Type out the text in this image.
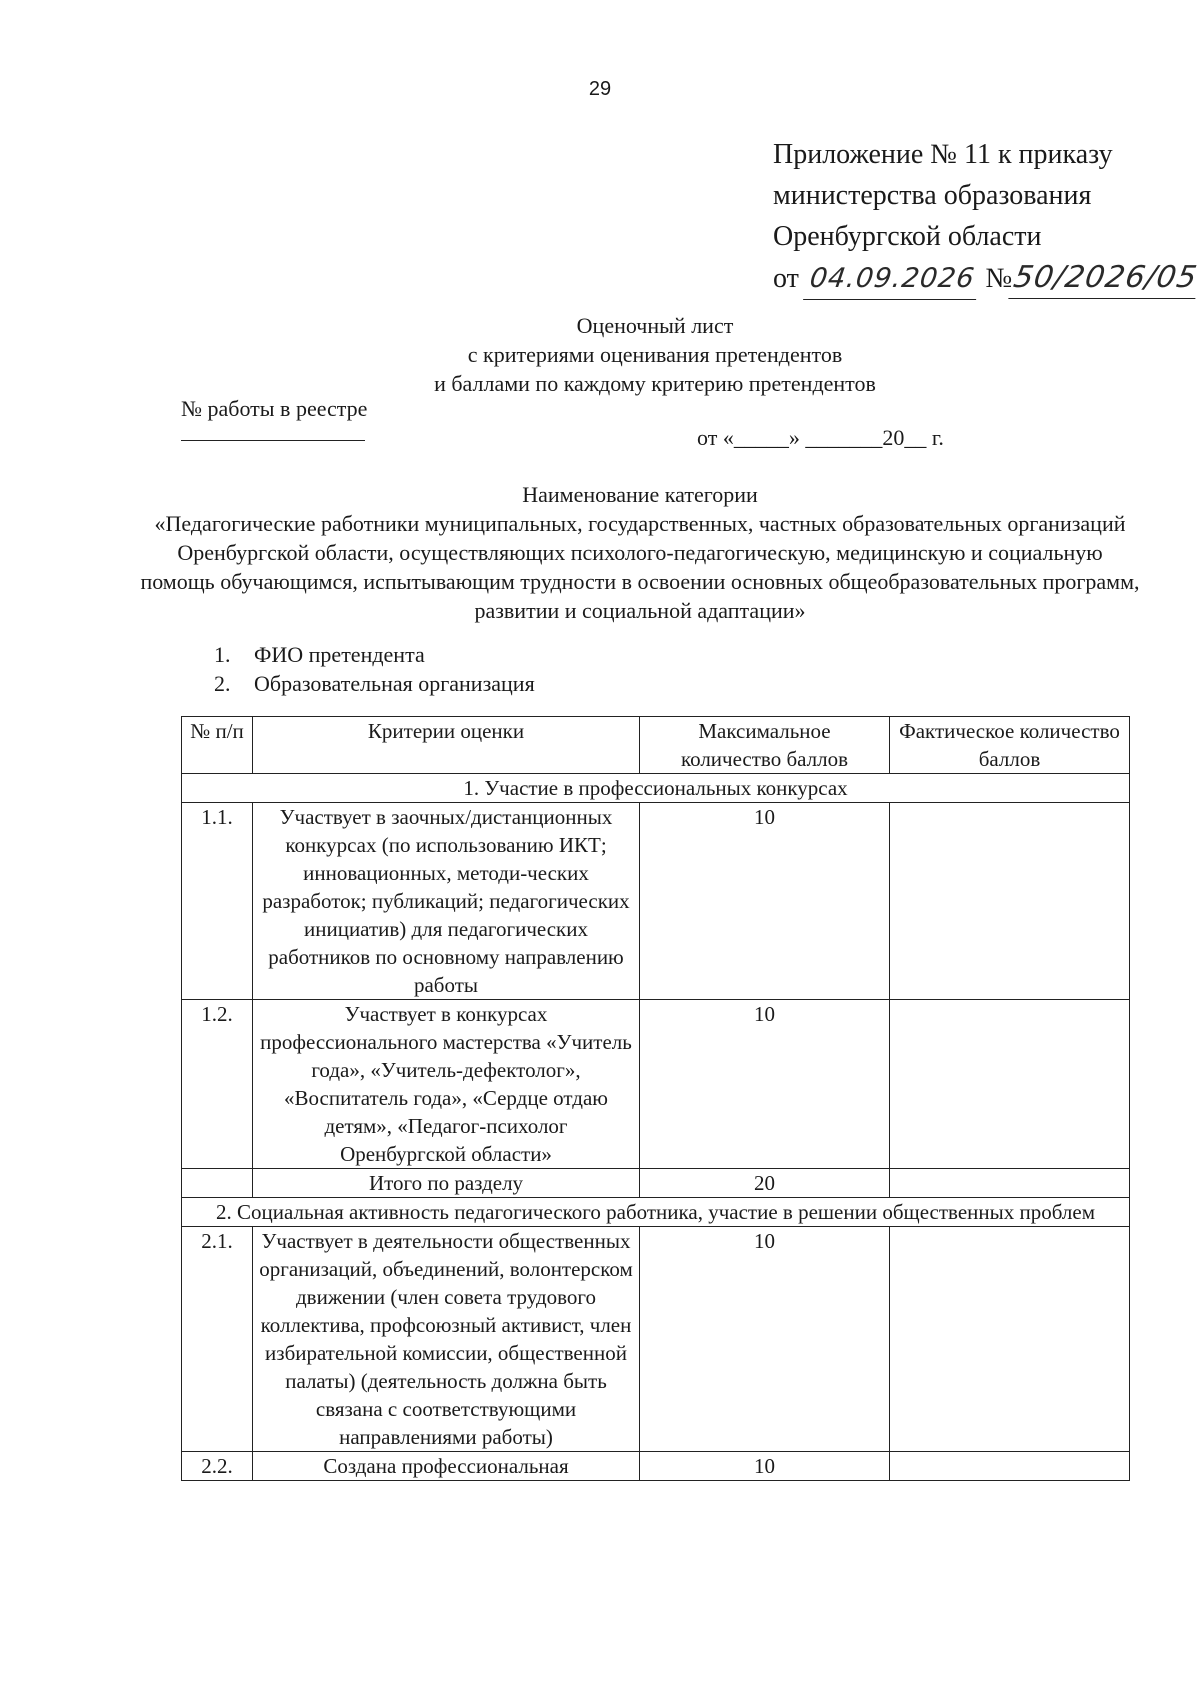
29
Приложение № 11 к приказу
министерства образования
Оренбургской области
от 04.09.2026 №50/2026/05
Оценочный лист
с критериями оценивания претендентов
и баллами по каждому критерию претендентов
№ работы в реестре
от «_____» _______20__ г.
Наименование категории
«Педагогические работники муниципальных, государственных, частных образовательных организаций Оренбургской области, осуществляющих психолого-педагогическую, медицинскую и социальную помощь обучающимся, испытывающим трудности в освоении основных общеобразовательных программ, развитии и социальной адаптации»
1.	ФИО претендента
2.	Образовательная организация
№ п/п	Критерии оценки	Максимальное количество баллов	Фактическое количество баллов
1. Участие в профессиональных конкурсах			
1.1.	Участвует в заочных/дистанционных конкурсах (по использованию ИКТ; инновационных, методи-ческих разработок; публикаций; педагогических инициатив) для педагогических работников по основному направлению работы	10	
1.2.	Участвует в конкурсах профессионального мастерства «Учитель года», «Учитель-дефектолог», «Воспитатель года», «Сердце отдаю детям», «Педагог-психолог Оренбургской области»	10	
	Итого по разделу	20	
2. Социальная активность педагогического работника, участие в решении общественных проблем			
2.1.	Участвует в деятельности общественных организаций, объединений, волонтерском движении (член совета трудового коллектива, профсоюзный активист, член избирательной комиссии, общественной палаты) (деятельность должна быть связана с соответствующими направлениями работы)	10	
2.2.	Создана профессиональная	10	
